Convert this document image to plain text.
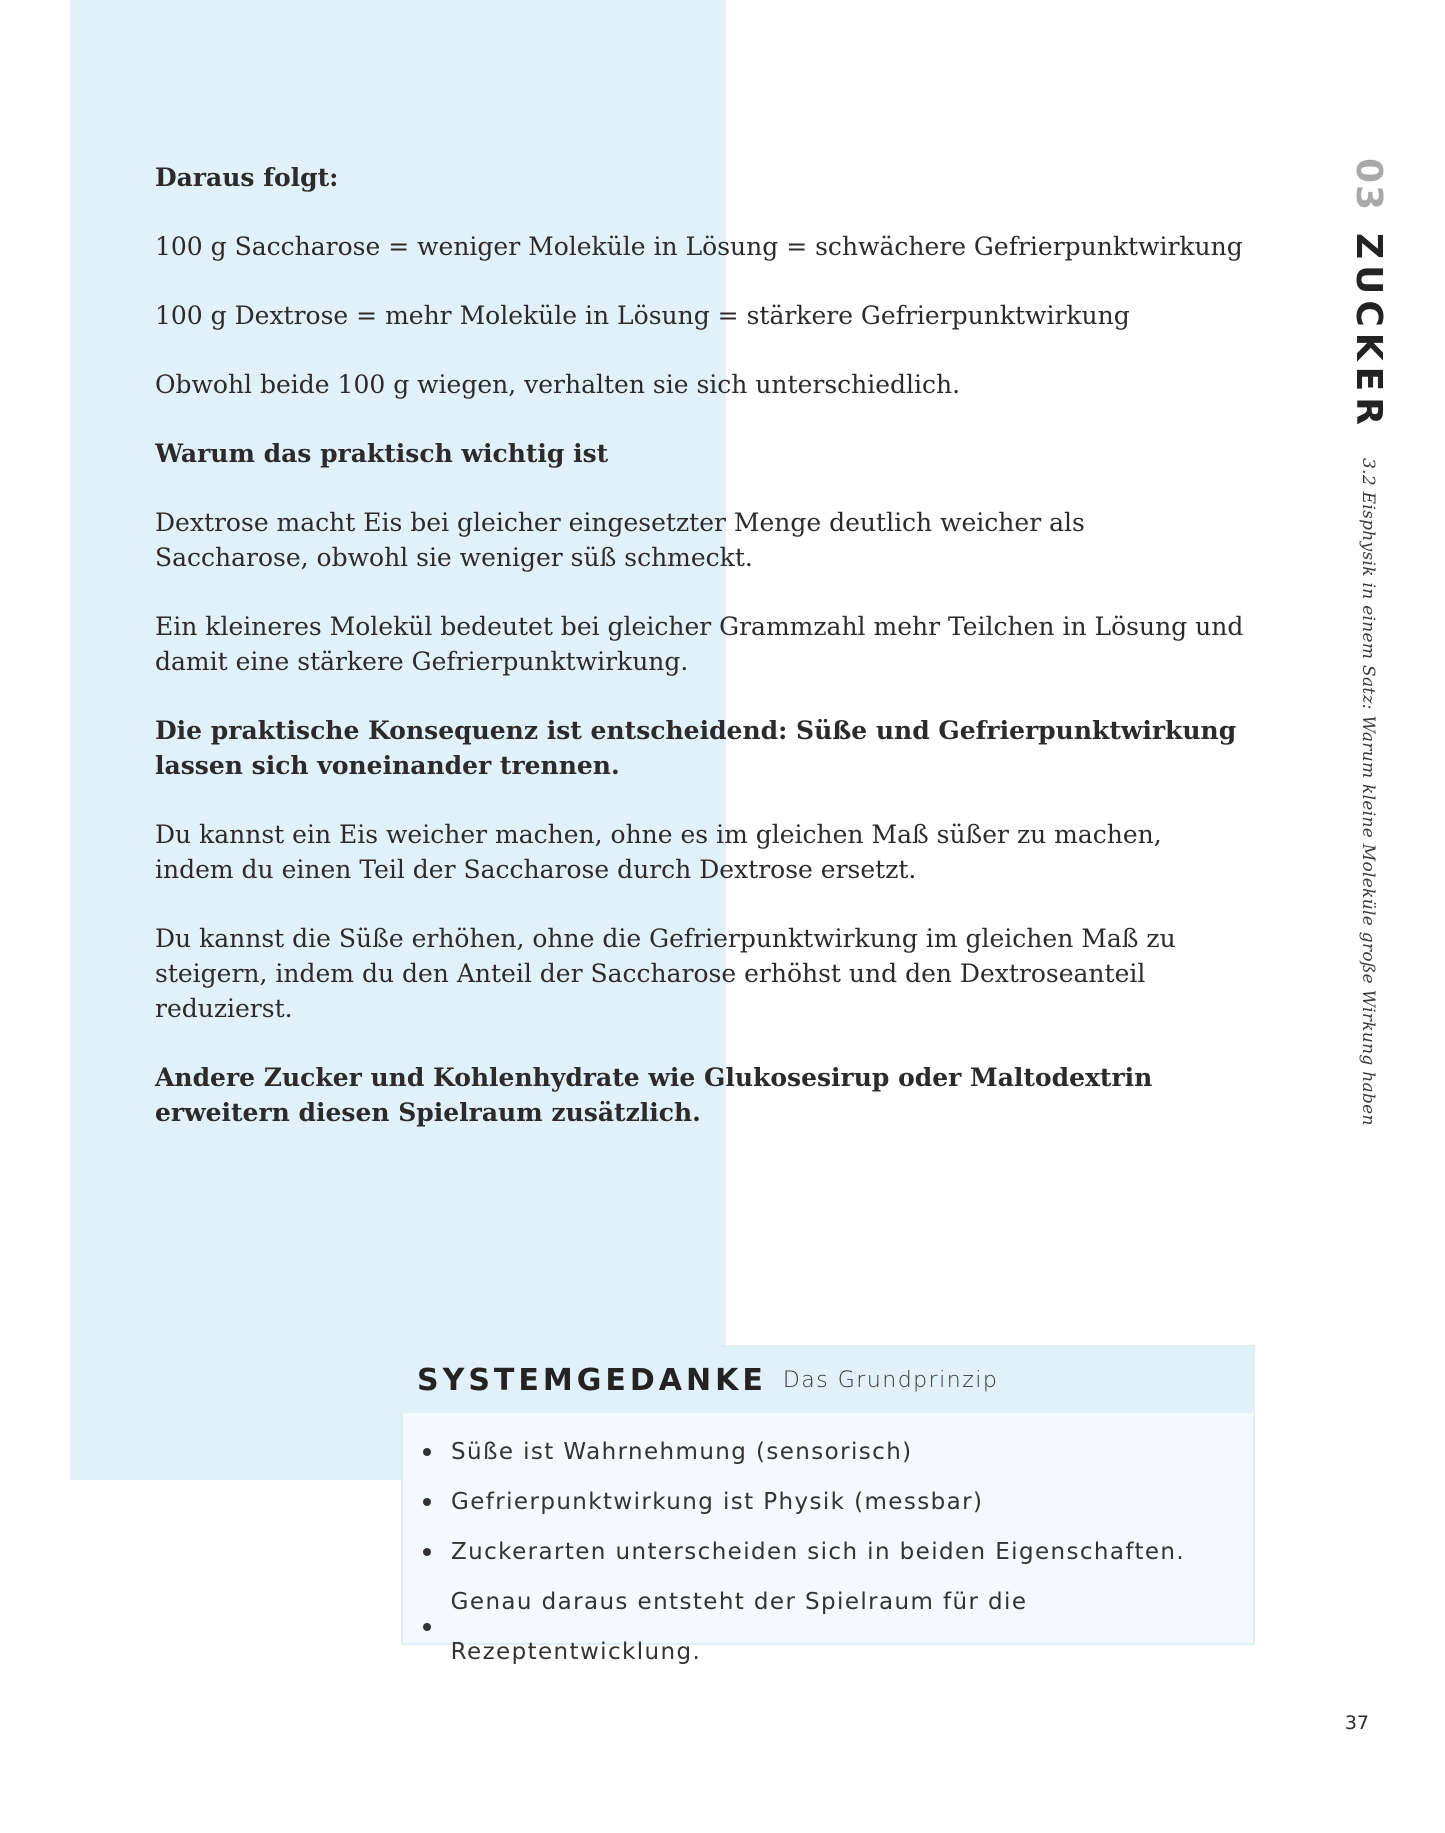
Daraus folgt:

100 g Saccharose = weniger Moleküle in Lösung = schwächere Gefrierpunktwirkung

100 g Dextrose = mehr Moleküle in Lösung = stärkere Gefrierpunktwirkung

Obwohl beide 100 g wiegen, verhalten sie sich unterschiedlich.

Warum das praktisch wichtig ist

Dextrose macht Eis bei gleicher eingesetzter Menge deutlich weicher als Saccharose, obwohl sie weniger süß schmeckt.

Ein kleineres Molekül bedeutet bei gleicher Grammzahl mehr Teilchen in Lösung und damit eine stärkere Gefrierpunktwirkung.

Die praktische Konsequenz ist entscheidend: Süße und Gefrierpunktwirkung lassen sich voneinander trennen.

Du kannst ein Eis weicher machen, ohne es im gleichen Maß süßer zu machen, indem du einen Teil der Saccharose durch Dextrose ersetzt.

Du kannst die Süße erhöhen, ohne die Gefrierpunktwirkung im gleichen Maß zu steigern, indem du den Anteil der Saccharose erhöhst und den Dextroseanteil reduzierst.

Andere Zucker und Kohlenhydrate wie Glukosesirup oder Maltodextrin erweitern diesen Spielraum zusätzlich.

03 ZUCKER 3.2 Eisphysik in einem Satz: Warum kleine Moleküle große Wirkung haben
SYSTEMGEDANKE Das Grundprinzip
Süße ist Wahrnehmung (sensorisch)
Gefrierpunktwirkung ist Physik (messbar)
Zuckerarten unterscheiden sich in beiden Eigenschaften.
Genau daraus entsteht der Spielraum für die Rezeptentwicklung.
37
